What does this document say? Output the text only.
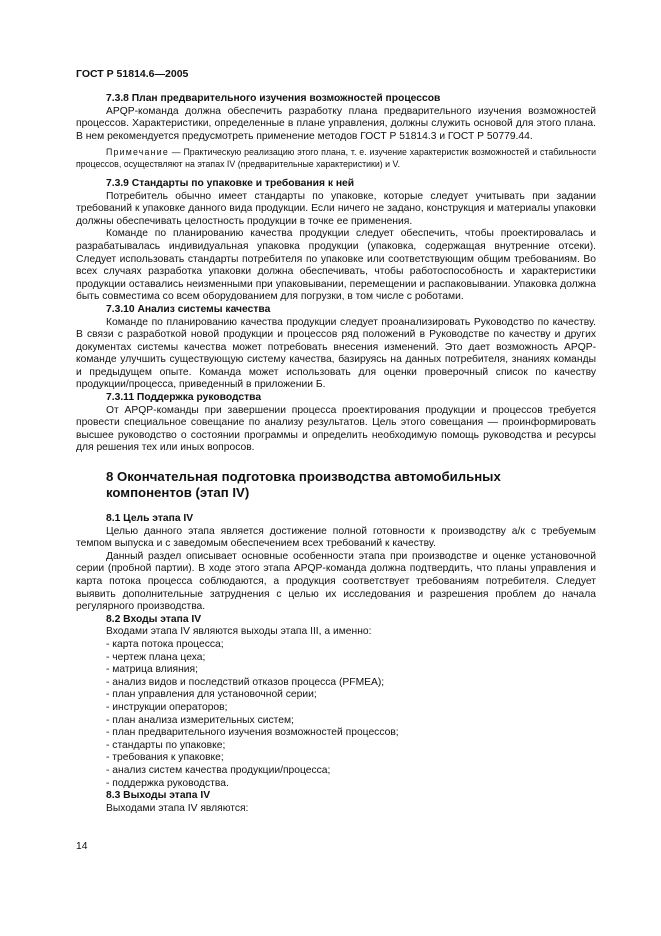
ГОСТ Р 51814.6—2005
7.3.8 План предварительного изучения возможностей процессов

APQP-команда должна обеспечить разработку плана предварительного изучения возможностей процессов. Характеристики, определенные в плане управления, должны служить основой для этого плана. В нем рекомендуется предусмотреть применение методов ГОСТ Р 51814.3 и ГОСТ Р 50779.44.

Примечание — Практическую реализацию этого плана, т. е. изучение характеристик возможностей и стабильности процессов, осуществляют на этапах IV (предварительные характеристики) и V.

7.3.9 Стандарты по упаковке и требования к ней

Потребитель обычно имеет стандарты по упаковке, которые следует учитывать при задании требований к упаковке данного вида продукции. Если ничего не задано, конструкция и материалы упаковки должны обеспечивать целостность продукции в точке ее применения.

Команде по планированию качества продукции следует обеспечить, чтобы проектировалась и разрабатывалась индивидуальная упаковка продукции (упаковка, содержащая внутренние отсеки). Следует использовать стандарты потребителя по упаковке или соответствующим общим требованиям. Во всех случаях разработка упаковки должна обеспечивать, чтобы работоспособность и характеристики продукции оставались неизменными при упаковывании, перемещении и распаковывании. Упаковка должна быть совместима со всем оборудованием для погрузки, в том числе с роботами.

7.3.10 Анализ системы качества

Команде по планированию качества продукции следует проанализировать Руководство по качеству. В связи с разработкой новой продукции и процессов ряд положений в Руководстве по качеству и других документах системы качества может потребовать внесения изменений. Это дает возможность APQP-команде улучшить существующую систему качества, базируясь на данных потребителя, знаниях команды и предыдущем опыте. Команда может использовать для оценки проверочный список по качеству продукции/процесса, приведенный в приложении Б.

7.3.11 Поддержка руководства

От APQP-команды при завершении процесса проектирования продукции и процессов требуется провести специальное совещание по анализу результатов. Цель этого совещания — проинформировать высшее руководство о состоянии программы и определить необходимую помощь руководства и ресурсы для решения тех или иных вопросов.

8 Окончательная подготовка производства автомобильных
компонентов (этап IV)
8.1 Цель этапа IV

Целью данного этапа является достижение полной готовности к производству а/к с требуемым темпом выпуска и с заведомым обеспечением всех требований к качеству.

Данный раздел описывает основные особенности этапа при производстве и оценке установочной серии (пробной партии). В ходе этого этапа APQP-команда должна подтвердить, что планы управления и карта потока процесса соблюдаются, а продукция соответствует требованиям потребителя. Следует выявить дополнительные затруднения с целью их исследования и разрешения проблем до начала регулярного производства.

8.2 Входы этапа IV

Входами этапа IV являются выходы этапа III, а именно:

- карта потока процесса;
- чертеж плана цеха;
- матрица влияния;
- анализ видов и последствий отказов процесса (PFMEA);
- план управления для установочной серии;
- инструкции операторов;
- план анализа измерительных систем;
- план предварительного изучения возможностей процессов;
- стандарты по упаковке;
- требования к упаковке;
- анализ систем качества продукции/процесса;
- поддержка руководства.
8.3 Выходы этапа IV

Выходами этапа IV являются:

14
